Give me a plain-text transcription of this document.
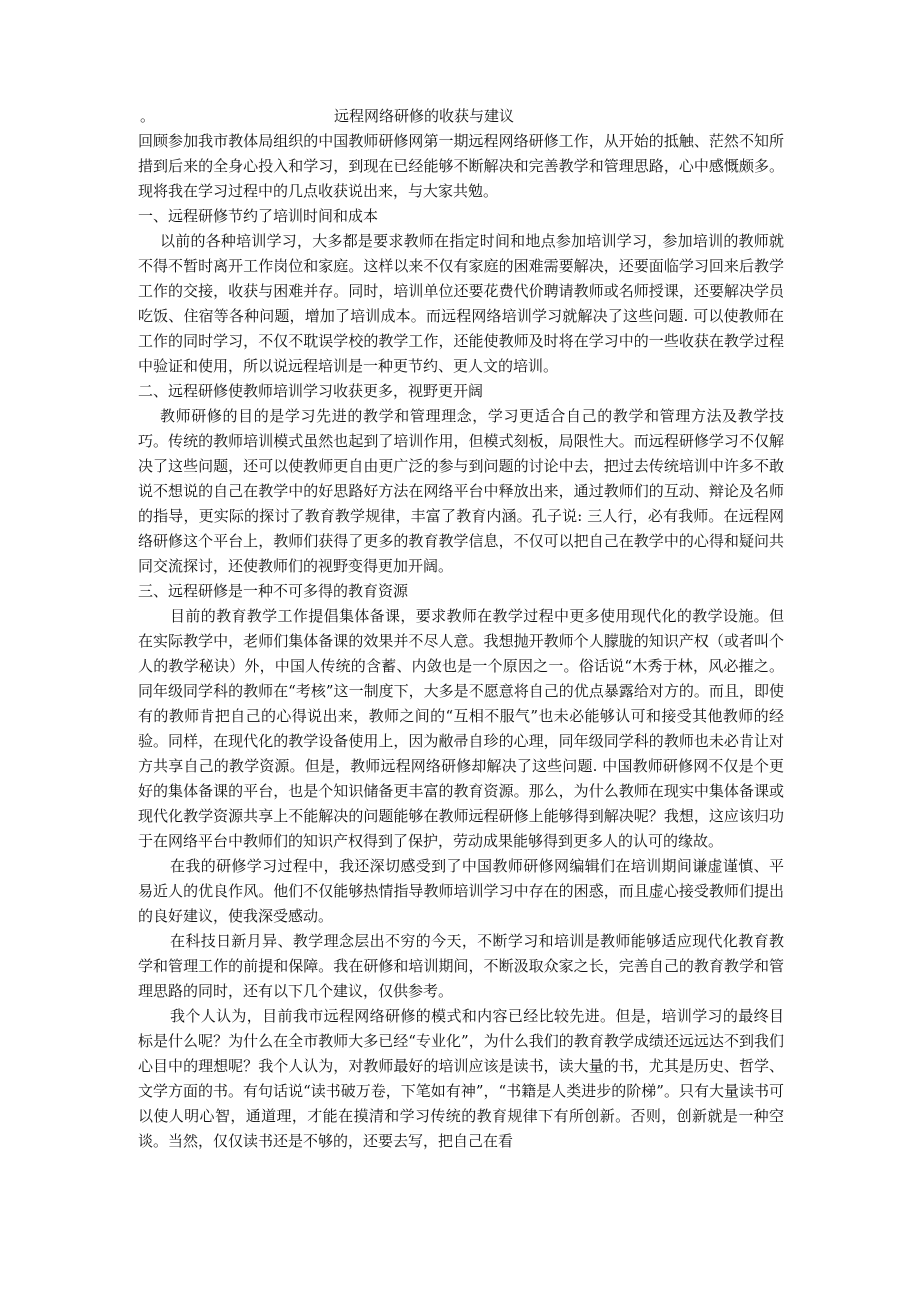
。	远程网络研修的收获与建议

回顾参加我市教体局组织的中国教师研修网第一期远程网络研修工作，从开始的抵触、茫然不知所措到后来的全身心投入和学习，到现在已经能够不断解决和完善教学和管理思路，心中感慨颇多。现将我在学习过程中的几点收获说出来，与大家共勉。

一、远程研修节约了培训时间和成本

以前的各种培训学习，大多都是要求教师在指定时间和地点参加培训学习，参加培训的教师就不得不暂时离开工作岗位和家庭。这样以来不仅有家庭的困难需要解决，还要面临学习回来后教学工作的交接，收获与困难并存。同时，培训单位还要花费代价聘请教师或名师授课，还要解决学员吃饭、住宿等各种问题，增加了培训成本。而远程网络培训学习就解决了这些问题. 可以使教师在工作的同时学习，不仅不耽误学校的教学工作，还能使教师及时将在学习中的一些收获在教学过程中验证和使用，所以说远程培训是一种更节约、更人文的培训。

二、远程研修使教师培训学习收获更多，视野更开阔

教师研修的目的是学习先进的教学和管理理念，学习更适合自己的教学和管理方法及教学技巧。传统的教师培训模式虽然也起到了培训作用，但模式刻板，局限性大。而远程研修学习不仅解决了这些问题，还可以使教师更自由更广泛的参与到问题的讨论中去，把过去传统培训中许多不敢说不想说的自己在教学中的好思路好方法在网络平台中释放出来，通过教师们的互动、辩论及名师的指导，更实际的探讨了教育教学规律，丰富了教育内涵。孔子说: 三人行，必有我师。在远程网络研修这个平台上，教师们获得了更多的教育教学信息，不仅可以把自己在教学中的心得和疑问共同交流探讨，还使教师们的视野变得更加开阔。

三、远程研修是一种不可多得的教育资源

目前的教育教学工作提倡集体备课，要求教师在教学过程中更多使用现代化的教学设施。但在实际教学中，老师们集体备课的效果并不尽人意。我想抛开教师个人朦胧的知识产权（或者叫个人的教学秘诀）外，中国人传统的含蓄、内敛也是一个原因之一。俗话说“木秀于林，风必摧之。同年级同学科的教师在“考核”这一制度下，大多是不愿意将自己的优点暴露给对方的。而且，即使有的教师肯把自己的心得说出来，教师之间的“互相不服气”也未必能够认可和接受其他教师的经验。同样，在现代化的教学设备使用上，因为敝帚自珍的心理，同年级同学科的教师也未必肯让对方共享自己的教学资源。但是，教师远程网络研修却解决了这些问题. 中国教师研修网不仅是个更好的集体备课的平台，也是个知识储备更丰富的教育资源。那么，为什么教师在现实中集体备课或现代化教学资源共享上不能解决的问题能够在教师远程研修上能够得到解决呢？我想，这应该归功于在网络平台中教师们的知识产权得到了保护，劳动成果能够得到更多人的认可的缘故。

在我的研修学习过程中，我还深切感受到了中国教师研修网编辑们在培训期间谦虚谨慎、平易近人的优良作风。他们不仅能够热情指导教师培训学习中存在的困惑，而且虚心接受教师们提出的良好建议，使我深受感动。

在科技日新月异、教学理念层出不穷的今天，不断学习和培训是教师能够适应现代化教育教学和管理工作的前提和保障。我在研修和培训期间，不断汲取众家之长，完善自己的教育教学和管理思路的同时，还有以下几个建议，仅供参考。

我个人认为，目前我市远程网络研修的模式和内容已经比较先进。但是，培训学习的最终目标是什么呢？为什么在全市教师大多已经“专业化”，为什么我们的教育教学成绩还远远达不到我们心目中的理想呢？我个人认为，对教师最好的培训应该是读书，读大量的书，尤其是历史、哲学、文学方面的书。有句话说“读书破万卷，下笔如有神”，“书籍是人类进步的阶梯”。只有大量读书可以使人明心智，通道理，才能在摸清和学习传统的教育规律下有所创新。否则，创新就是一种空谈。当然，仅仅读书还是不够的，还要去写，把自己在看
